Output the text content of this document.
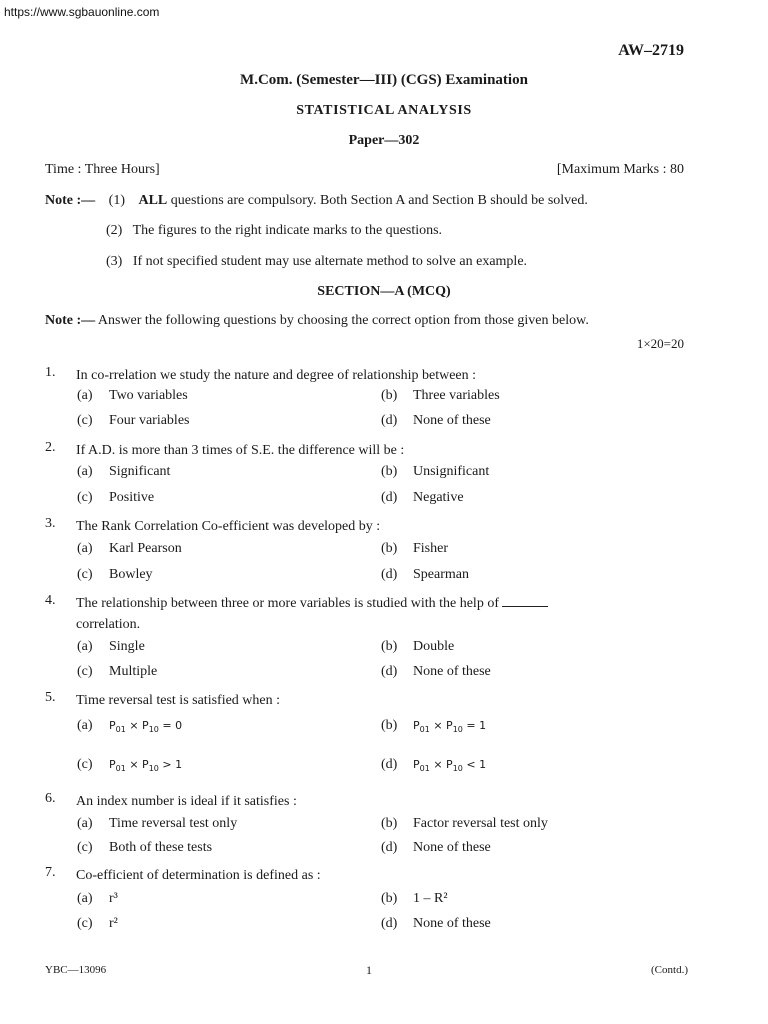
https://www.sgbauonline.com
AW–2719
M.Com. (Semester—III) (CGS) Examination
STATISTICAL ANALYSIS
Paper—302
Time : Three Hours]	[Maximum Marks : 80
Note :— (1) ALL questions are compulsory. Both Section A and Section B should be solved.
(2)   The figures to the right indicate marks to the questions.
(3)   If not specified student may use alternate method to solve an example.
SECTION—A (MCQ)
Note :— Answer the following questions by choosing the correct option from those given below.
1×20=20
1. In co-rrelation we study the nature and degree of relationship between :
(a) Two variables	(b) Three variables
(c) Four variables	(d) None of these
2. If A.D. is more than 3 times of S.E. the difference will be :
(a) Significant	(b) Unsignificant
(c) Positive	(d) Negative
3. The Rank Correlation Co-efficient was developed by :
(a) Karl Pearson	(b) Fisher
(c) Bowley	(d) Spearman
4. The relationship between three or more variables is studied with the help of
correlation.
(a) Single	(b) Double
(c) Multiple	(d) None of these
5. Time reversal test is satisfied when :
(a) $P_{01} \times P_{10} = 0$	(b) $P_{01} \times P_{10} = 1$
(c) $P_{01} \times P_{10} > 1$	(d) $P_{01} \times P_{10} < 1$
6. An index number is ideal if it satisfies :
(a) Time reversal test only	(b) Factor reversal test only
(c) Both of these tests	(d) None of these
7. Co-efficient of determination is defined as :
(a) r³	(b) 1 – R²
(c) r²	(d) None of these
YBC—13096	1	(Contd.)
